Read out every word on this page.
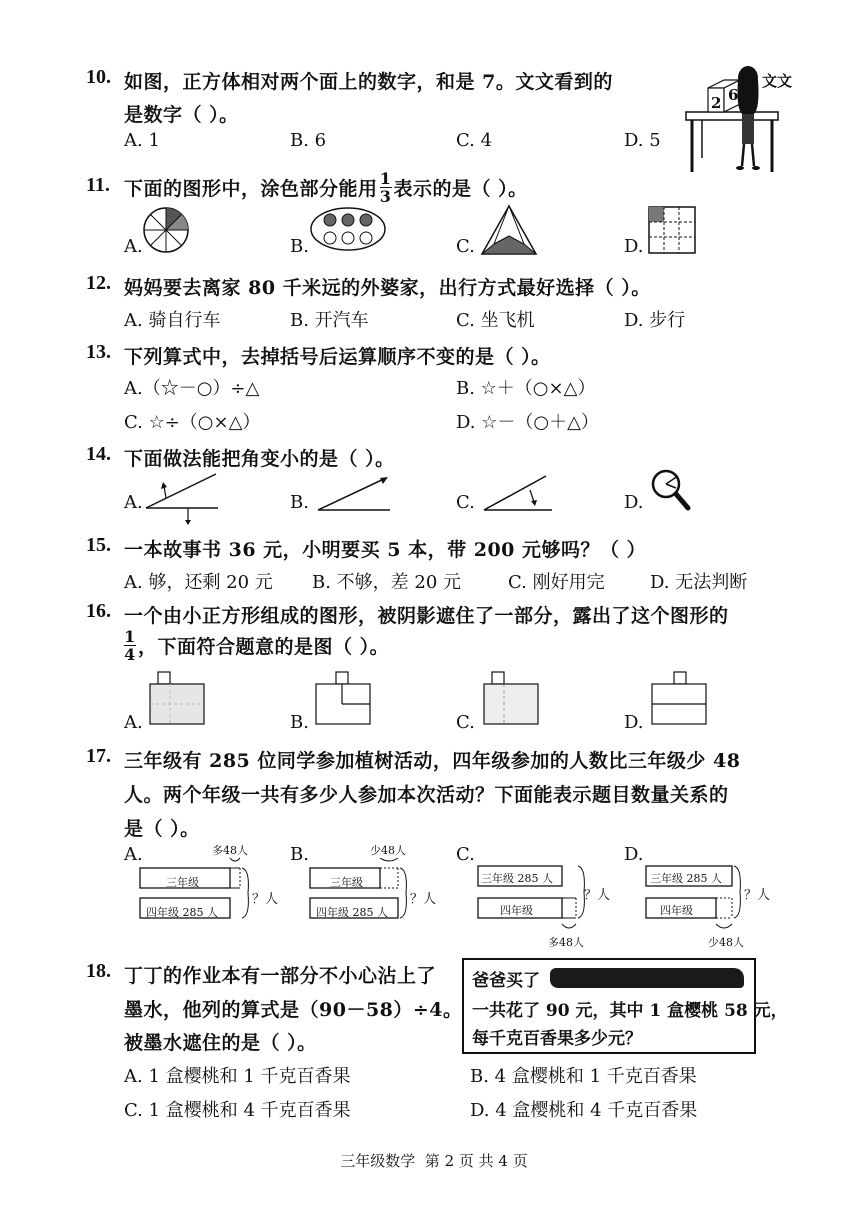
10. 如图，正方体相对两个面上的数字，和是 7。文文看到的
是数字（ ）。
A. 1	B. 6	C. 4	D. 5
2 6
文文
11. 下面的图形中，涂色部分能用 $\frac{1}{3}$ 表示的是（ ）。
A.	B.	C.	D.
12. 妈妈要去离家 80 千米远的外婆家，出行方式最好选择（ ）。
A. 骑自行车	B. 开汽车	C. 坐飞机	D. 步行
13. 下列算式中，去掉括号后运算顺序不变的是（ ）。
A.（☆－○）÷△	B. ☆＋（○×△）
C. ☆÷（○×△）	D. ☆－（○＋△）
14. 下面做法能把角变小的是（ ）。
A.	B.	C.	D.
15. 一本故事书 36 元，小明要买 5 本，带 200 元够吗？（ ）
A. 够，还剩 20 元 B. 不够，差 20 元	C. 刚好用完	D. 无法判断
16. 一个由小正方形组成的图形，被阴影遮住了一部分，露出了这个图形的
$\frac{1}{4}$ ，下面符合题意的是图（ ）。
A.	B.	C.	D.
17. 三年级有 285 位同学参加植树活动，四年级参加的人数比三年级少 48
人。两个年级一共有多少人参加本次活动？下面能表示题目数量关系的
是（ ）。
A.	多48人
三年级
四年级 285 人
？人
B.	少48人
三年级
四年级 285 人
？人
C.
三年级 285 人
四年级
？人
多48人
D.
三年级 285 人
四年级
？人
少48人
18. 丁丁的作业本有一部分不小心沾上了
墨水，他列的算式是（90－58）÷4。
被墨水遮住的是（ ）。
爸爸买了
一共花了 90 元，其中 1 盒樱桃 58 元，
每千克百香果多少元？
A. 1 盒樱桃和 1 千克百香果	B. 4 盒樱桃和 1 千克百香果
C. 1 盒樱桃和 4 千克百香果	D. 4 盒樱桃和 4 千克百香果
三年级数学  第 2 页 共 4 页
